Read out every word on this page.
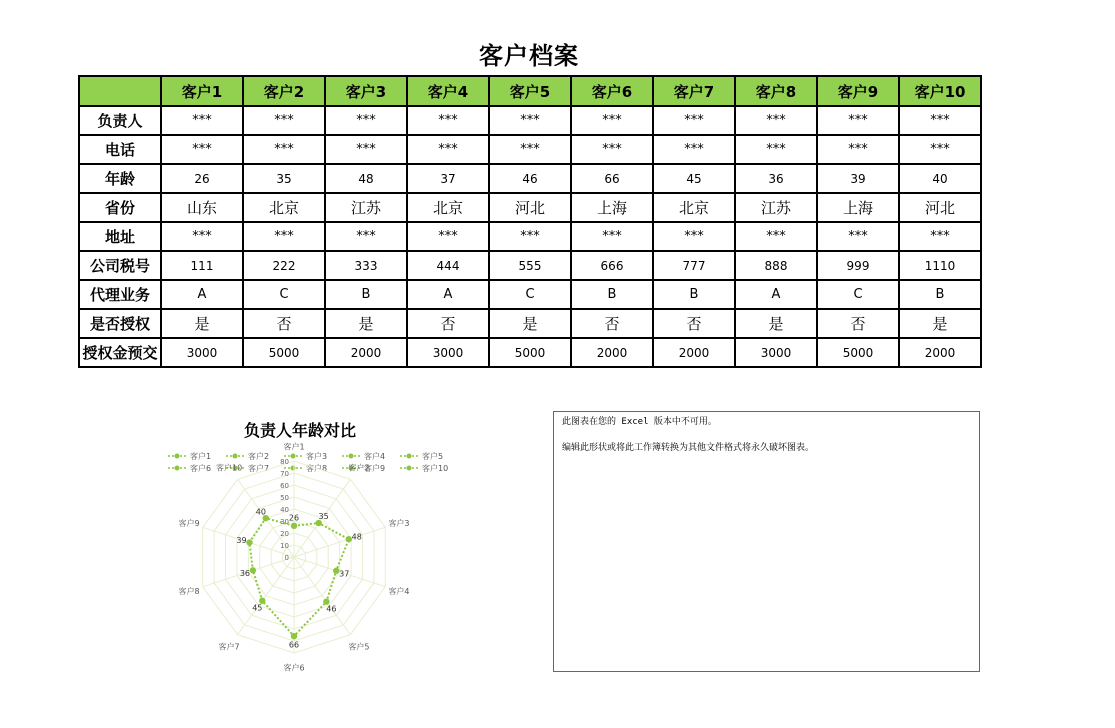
客户档案
	客户1	客户2	客户3	客户4	客户5	客户6	客户7	客户8	客户9	客户10
负责人	***	***	***	***	***	***	***	***	***	***
电话	***	***	***	***	***	***	***	***	***	***
年龄	26	35	48	37	46	66	45	36	39	40
省份	山东	北京	江苏	北京	河北	上海	北京	江苏	上海	河北
地址	***	***	***	***	***	***	***	***	***	***
公司税号	111	222	333	444	555	666	777	888	999	1110
代理业务	A	C	B	A	C	B	B	A	C	B
是否授权	是	否	是	否	是	否	否	是	否	是
授权金预交	3000	5000	2000	3000	5000	2000	2000	3000	5000	2000
负责人年龄对比
客户1	客户2	客户3	客户4	客户5
客户6	客户7	客户8	客户9	客户10
0
10
20
30
40
50
60
70
80
客户1
客户2
客户3
客户4
客户5
客户6
客户7
客户8
客户9
客户10
26 35
48
37
46
66
45
36
39
40

此图表在您的 Excel 版本中不可用。

编辑此形状或将此工作簿转换为其他文件格式将永久破坏图表。
